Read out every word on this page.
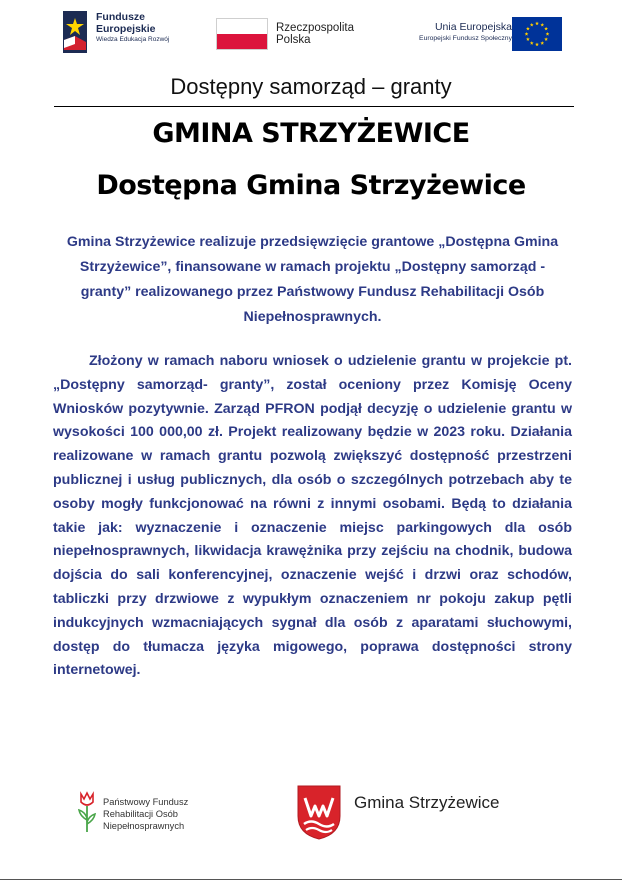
Fundusze
Europejskie
Wiedza Edukacja Rozwój
Rzeczpospolita
Polska
Unia Europejska
Europejski Fundusz Społeczny
Dostępny samorząd – granty
GMINA STRZYŻEWICE
Dostępna Gmina Strzyżewice

Gmina Strzyżewice realizuje przedsięwzięcie grantowe „Dostępna Gmina Strzyżewice”, finansowane w ramach projektu „Dostępny samorząd - granty” realizowanego przez Państwowy Fundusz Rehabilitacji Osób Niepełnosprawnych.

Złożony w ramach naboru wniosek o udzielenie grantu w projekcie pt. „Dostępny samorząd- granty”, został oceniony przez Komisję Oceny Wniosków pozytywnie. Zarząd PFRON podjął decyzję o udzielenie grantu w wysokości 100 000,00 zł. Projekt realizowany będzie w 2023 roku. Działania realizowane w ramach grantu pozwolą zwiększyć dostępność przestrzeni publicznej i usług publicznych, dla osób o szczególnych potrzebach aby te osoby mogły funkcjonować na równi z innymi osobami. Będą to działania takie jak: wyznaczenie i oznaczenie miejsc parkingowych dla osób niepełnosprawnych, likwidacja krawężnika przy zejściu na chodnik, budowa dojścia do sali konferencyjnej, oznaczenie wejść i drzwi oraz schodów, tabliczki przy drzwiowe z wypukłym oznaczeniem nr pokoju zakup pętli indukcyjnych wzmacniających sygnał dla osób z aparatami słuchowymi, dostęp do tłumacza języka migowego, poprawa dostępności strony internetowej.

Państwowy Fundusz
Rehabilitacji Osób
Niepełnosprawnych
Gmina Strzyżewice
